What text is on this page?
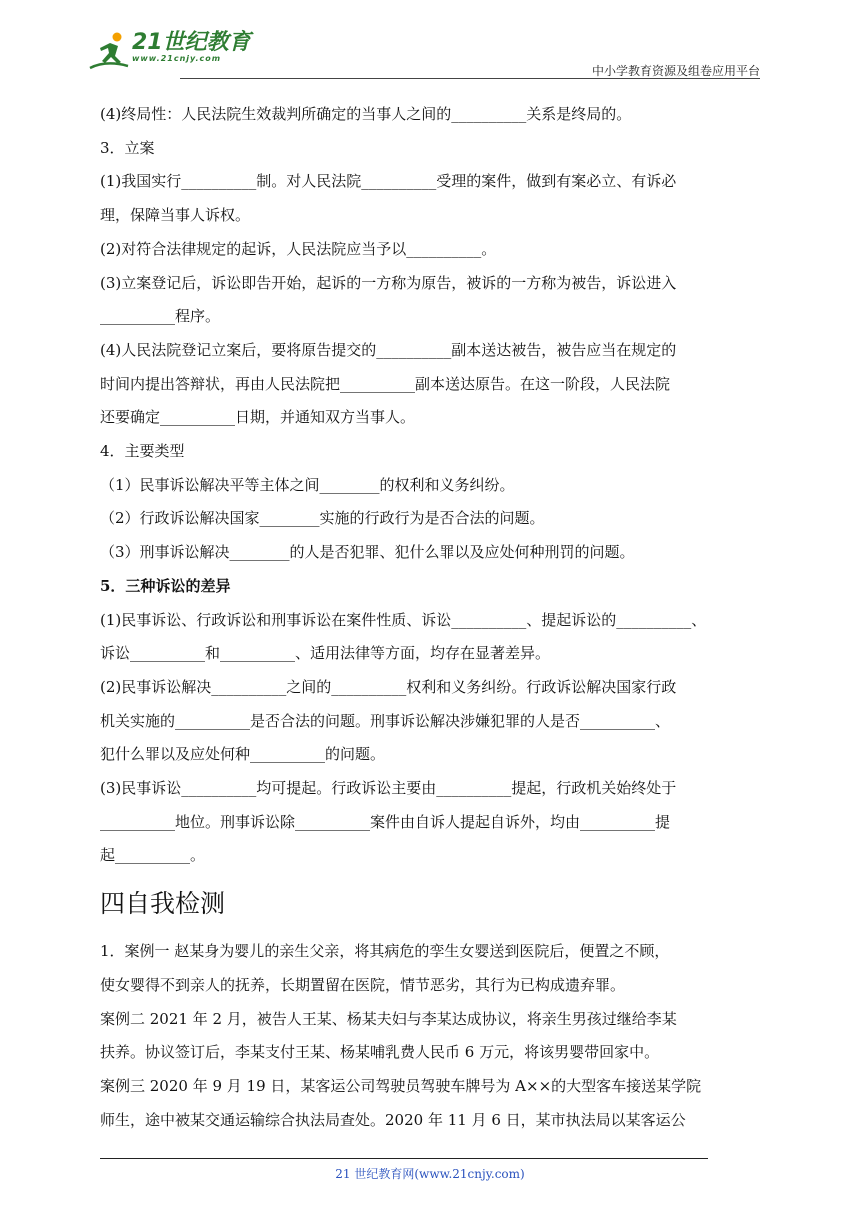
21世纪教育
www.21cnjy.com
中小学教育资源及组卷应用平台
(4)终局性：人民法院生效裁判所确定的当事人之间的__________关系是终局的。
3．立案
(1)我国实行__________制。对人民法院__________受理的案件，做到有案必立、有诉必
理，保障当事人诉权。
(2)对符合法律规定的起诉，人民法院应当予以__________。
(3)立案登记后，诉讼即告开始，起诉的一方称为原告，被诉的一方称为被告，诉讼进入
__________程序。
(4)人民法院登记立案后，要将原告提交的__________副本送达被告，被告应当在规定的
时间内提出答辩状，再由人民法院把__________副本送达原告。在这一阶段，人民法院
还要确定__________日期，并通知双方当事人。
4．主要类型
（1）民事诉讼解决平等主体之间________的权利和义务纠纷。
（2）行政诉讼解决国家________实施的行政行为是否合法的问题。
（3）刑事诉讼解决________的人是否犯罪、犯什么罪以及应处何种刑罚的问题。
5．三种诉讼的差异
(1)民事诉讼、行政诉讼和刑事诉讼在案件性质、诉讼__________、提起诉讼的__________、
诉讼__________和__________、适用法律等方面，均存在显著差异。
(2)民事诉讼解决__________之间的__________权利和义务纠纷。行政诉讼解决国家行政
机关实施的__________是否合法的问题。刑事诉讼解决涉嫌犯罪的人是否__________、
犯什么罪以及应处何种__________的问题。
(3)民事诉讼__________均可提起。行政诉讼主要由__________提起，行政机关始终处于
__________地位。刑事诉讼除__________案件由自诉人提起自诉外，均由__________提
起__________。
四自我检测
1．案例一 赵某身为婴儿的亲生父亲，将其病危的孪生女婴送到医院后，便置之不顾，
使女婴得不到亲人的抚养，长期置留在医院，情节恶劣，其行为已构成遗弃罪。
案例二 2021 年 2 月，被告人王某、杨某夫妇与李某达成协议，将亲生男孩过继给李某
扶养。协议签订后，李某支付王某、杨某哺乳费人民币 6 万元，将该男婴带回家中。
案例三 2020 年 9 月 19 日，某客运公司驾驶员驾驶车牌号为 A××的大型客车接送某学院
师生，途中被某交通运输综合执法局查处。2020 年 11 月 6 日，某市执法局以某客运公
21 世纪教育网(www.21cnjy.com)
